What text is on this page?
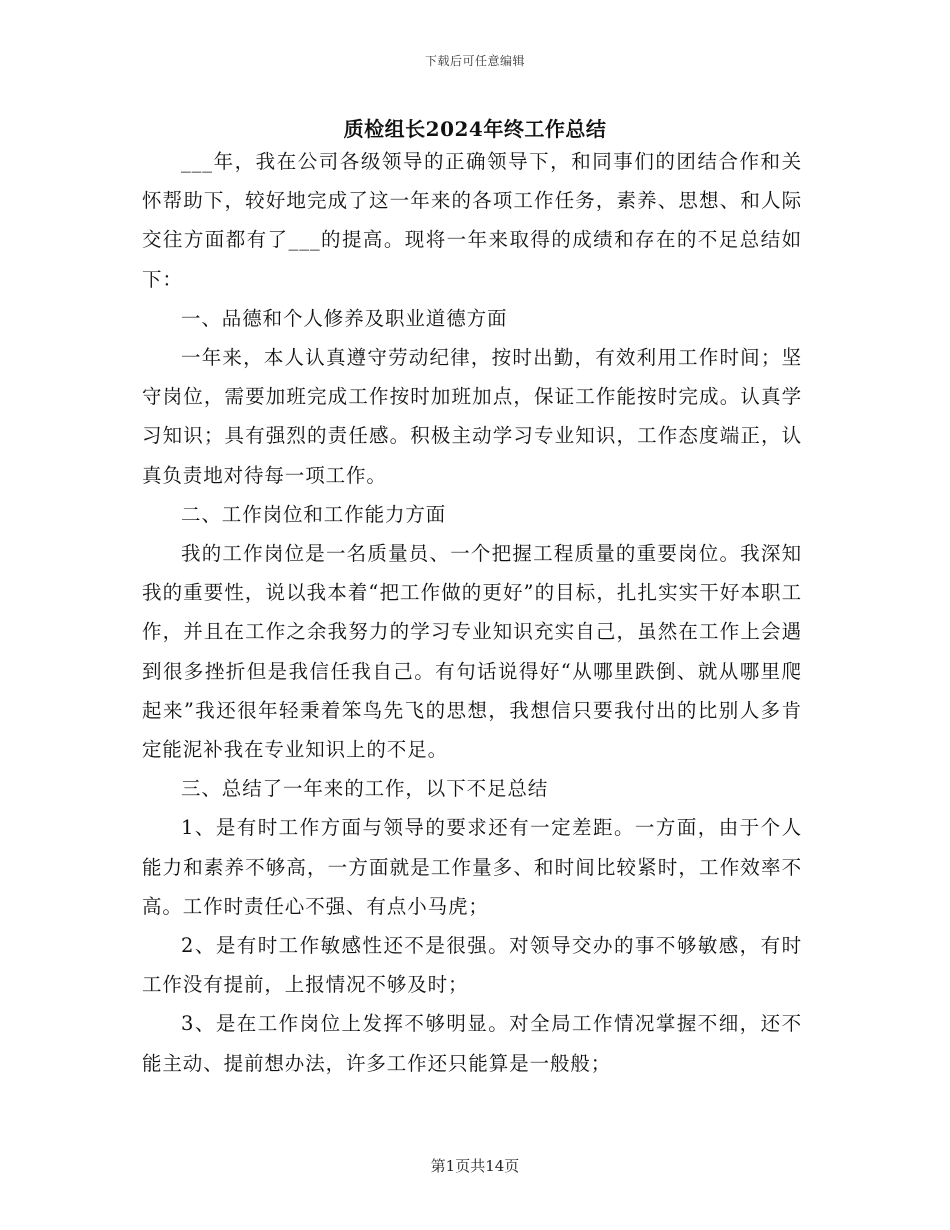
下载后可任意编辑
质检组长2024年终工作总结

___年，我在公司各级领导的正确领导下，和同事们的团结合作和关怀帮助下，较好地完成了这一年来的各项工作任务，素养、思想、和人际交往方面都有了___的提高。现将一年来取得的成绩和存在的不足总结如下：

一、品德和个人修养及职业道德方面

一年来，本人认真遵守劳动纪律，按时出勤，有效利用工作时间；坚守岗位，需要加班完成工作按时加班加点，保证工作能按时完成。认真学习知识；具有强烈的责任感。积极主动学习专业知识，工作态度端正，认真负责地对待每一项工作。

二、工作岗位和工作能力方面

我的工作岗位是一名质量员、一个把握工程质量的重要岗位。我深知我的重要性，说以我本着“把工作做的更好”的目标，扎扎实实干好本职工作，并且在工作之余我努力的学习专业知识充实自己，虽然在工作上会遇到很多挫折但是我信任我自己。有句话说得好“从哪里跌倒、就从哪里爬起来”我还很年轻秉着笨鸟先飞的思想，我想信只要我付出的比别人多肯定能泥补我在专业知识上的不足。

三、总结了一年来的工作，以下不足总结

1、是有时工作方面与领导的要求还有一定差距。一方面，由于个人能力和素养不够高，一方面就是工作量多、和时间比较紧时，工作效率不高。工作时责任心不强、有点小马虎；

2、是有时工作敏感性还不是很强。对领导交办的事不够敏感，有时工作没有提前，上报情况不够及时；

3、是在工作岗位上发挥不够明显。对全局工作情况掌握不细，还不能主动、提前想办法，许多工作还只能算是一般般；

第1页共14页
